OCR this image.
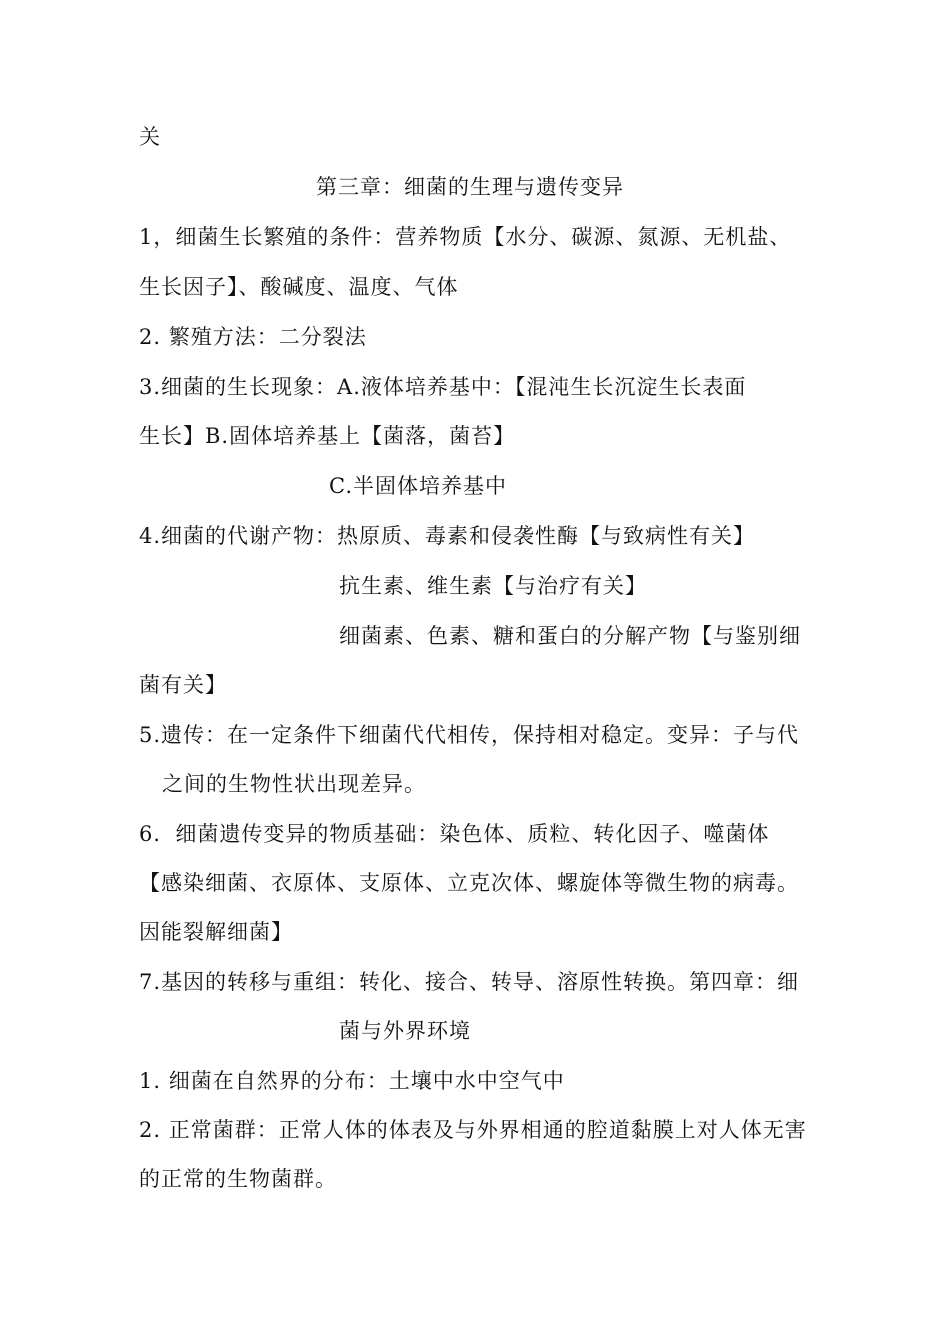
关
第三章：细菌的生理与遗传变异
1，细菌生长繁殖的条件：营养物质【水分、碳源、氮源、无机盐、
生长因子】、酸碱度、温度、气体
2. 繁殖方法：二分裂法
3.细菌的生长现象：A.液体培养基中：【混沌生长沉淀生长表面
生长】B.固体培养基上【菌落，菌苔】
C.半固体培养基中
4.细菌的代谢产物：热原质、毒素和侵袭性酶【与致病性有关】
抗生素、维生素【与治疗有关】
细菌素、色素、糖和蛋白的分解产物【与鉴别细
菌有关】
5.遗传：在一定条件下细菌代代相传，保持相对稳定。变异：子与代
之间的生物性状出现差异。
6．细菌遗传变异的物质基础：染色体、质粒、转化因子、噬菌体
【感染细菌、衣原体、支原体、立克次体、螺旋体等微生物的病毒。
因能裂解细菌】
7.基因的转移与重组：转化、接合、转导、溶原性转换。第四章：细
菌与外界环境
1. 细菌在自然界的分布：土壤中水中空气中
2. 正常菌群：正常人体的体表及与外界相通的腔道黏膜上对人体无害
的正常的生物菌群。
